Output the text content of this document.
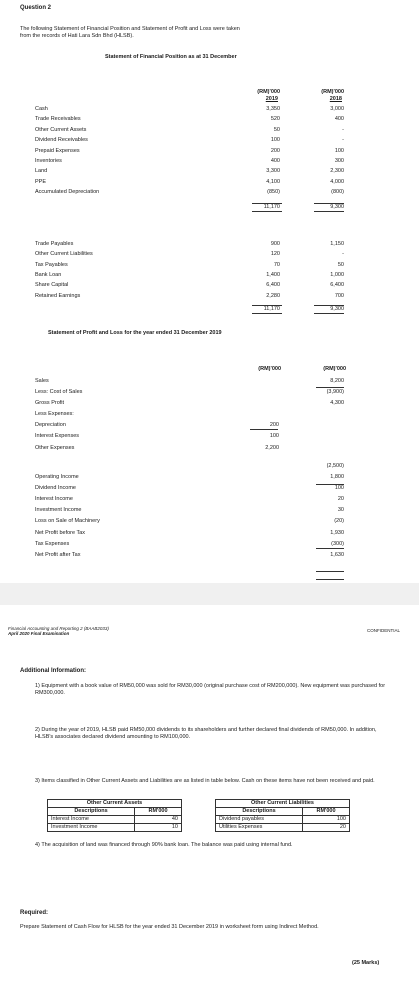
Question 2
The following Statement of Financial Position and Statement of Profit and Loss were taken
from the records of Hati Lara Sdn Bhd (HLSB).
Statement of Financial Position as at 31 December
(RM)'000	(RM)'000
2019	2018
Cash	3,350	3,000
Trade Receivables	520	400
Other Current Assets	50	-
Dividend Receivables	100	-
Prepaid Expenses	200	100
Inventories	400	300
Land	3,300	2,300
PPE	4,100	4,000
Accumulated Depreciation	(850)	(800)
11,170	9,300
Trade Payables	900	1,150
Other Current Liabilities	120	-
Tax Payables	70	50
Bank Loan	1,400	1,000
Share Capital	6,400	6,400
Retained Earnings	2,280	700
11,170	9,300
Statement of Profit and Loss for the year ended 31 December 2019
(RM)'000	(RM)'000
Sales	8,200
Less: Cost of Sales	(3,900)
Gross Profit	4,300
Less Expenses:
Depreciation	200
Interest Expenses	100
Other Expenses	2,200
(2,500)
Operating Income	1,800
Dividend Income	100
Interest Income	20
Investment Income	30
Loss on Sale of Machinery	(20)
Net Profit before Tax	1,930
Tax Expenses	(300)
Net Profit after Tax	1,630
Financial Accounting and Reporting 2 (BAAB2033)
April 2020 Final Examination
CONFIDENTIAL
Additional Information:
1) Equipment with a book value of RM50,000 was sold for RM30,000 (original purchase cost of RM200,000). New equipment was purchased for RM300,000.
2) During the year of 2019, HLSB paid RM50,000 dividends to its shareholders and further declared final dividends of RM50,000. In addition, HLSB's associates declared dividend amounting to RM100,000.
3) Items classified in Other Current Assets and Liabilities are as listed in table below. Cash on these items have not been received and paid.
Other Current Assets	
Descriptions	RM'000
Interest Income	40
Investment Income	10
Other Current Liabilities	
Descriptions	RM'000
Dividend payables	100
Utilities Expenses	20
4) The acquisition of land was financed through 90% bank loan. The balance was paid using internal fund.
Required:
Prepare Statement of Cash Flow for HLSB for the year ended 31 December 2019 in worksheet form using Indirect Method.
(25 Marks)
